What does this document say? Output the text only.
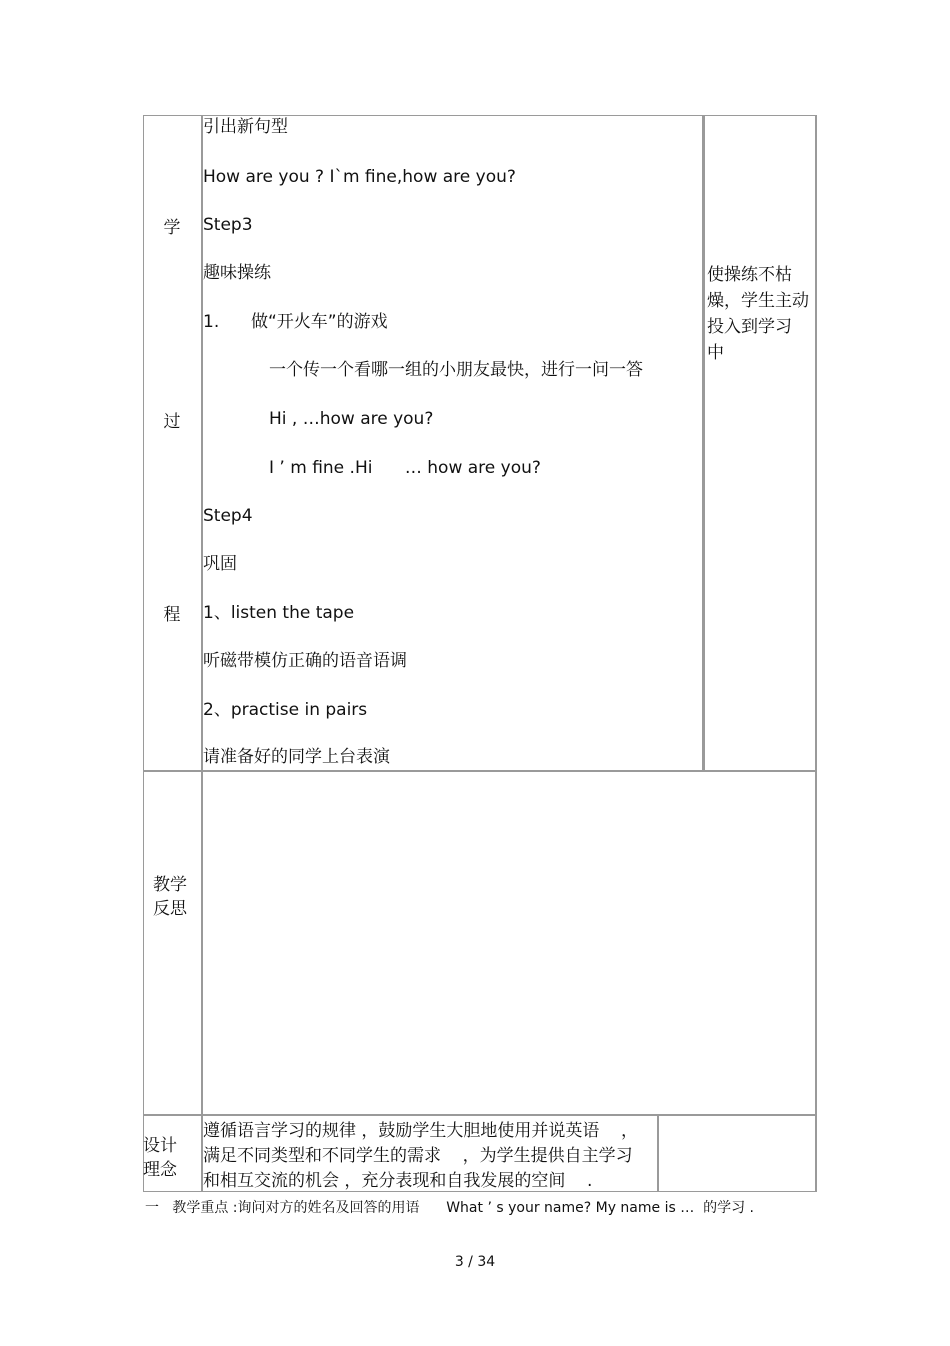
学
过
程
引出新句型
How are you ? I`m fine,how are you?
Step3
趣味操练
1. 做“开火车”的游戏
一个传一个看哪一组的小朋友最快，进行一问一答
Hi , …how are you?
I ’ m fine .Hi      … how are you?
Step4
巩固
1、listen the tape
听磁带模仿正确的语音语调
2、practise in pairs
请准备好的同学上台表演
使操练不枯
燥，学生主动
投入到学习
中
教学
反思
设计
理念
遵循语言学习的规律 ，鼓励学生大胆地使用并说英语    ，
满足不同类型和不同学生的需求    ，为学生提供自主学习
和相互交流的机会 ，充分表现和自我发展的空间    .
一   教学重点 :询问对方的姓名及回答的用语      What ’ s your name? My name is …  的学习 .
3 / 34
